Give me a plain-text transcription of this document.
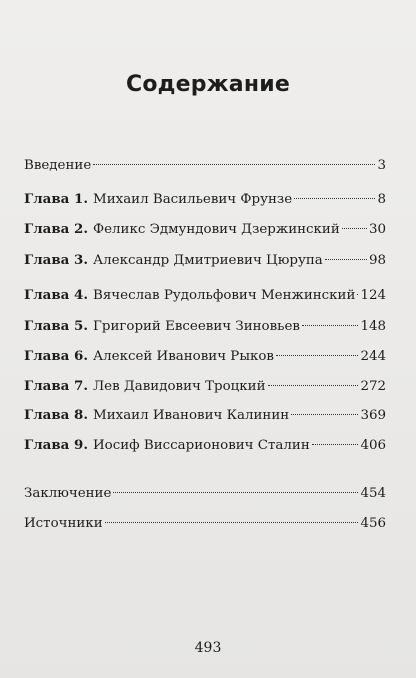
Содержание
Введение	3
Глава 1. Михаил Васильевич Фрунзе	8
Глава 2. Феликс Эдмундович Дзержинский 30
Глава 3. Александр Дмитриевич Цюрупа	98
Глава 4. Вячеслав Рудольфович Менжинский 124
Глава 5. Григорий Евсеевич Зиновьев	148
Глава 6. Алексей Иванович Рыков	244
Глава 7. Лев Давидович Троцкий	272
Глава 8. Михаил Иванович Калинин	369
Глава 9. Иосиф Виссарионович Сталин	406
Заключение	454
Источники	456
493
